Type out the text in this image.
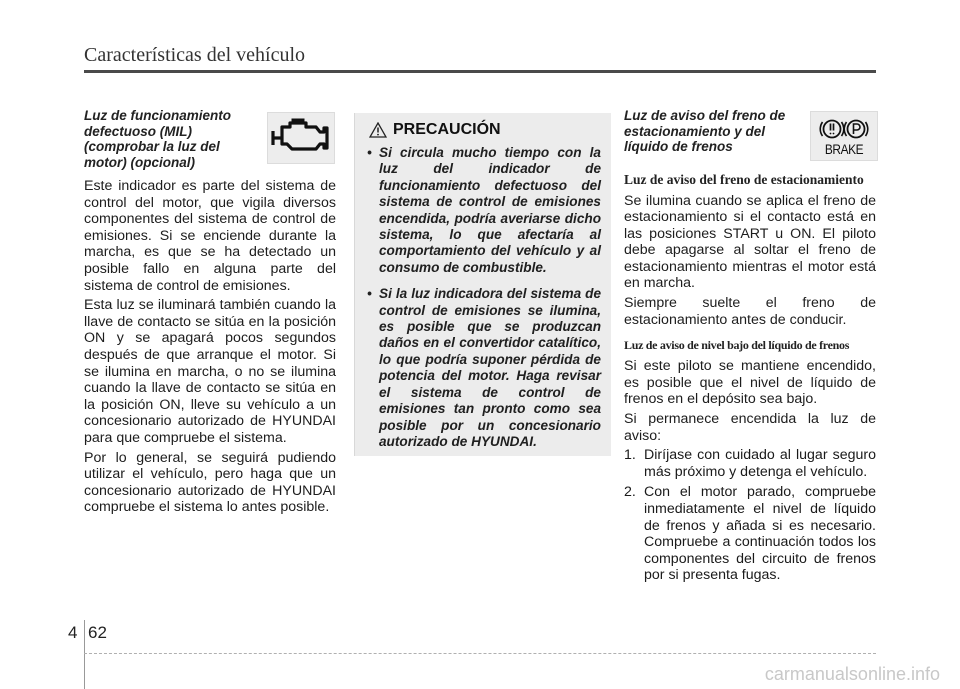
Características del vehículo
Luz de funcionamiento defectuoso (MIL) (comprobar la luz del motor) (opcional)

Este indicador es parte del sistema de control del motor, que vigila diversos componentes del sistema de control de emisiones. Si se enciende durante la marcha, es que se ha detectado un posible fallo en alguna parte del sistema de control de emisiones.

Esta luz se iluminará también cuando la llave de contacto se sitúa en la posición ON y se apagará pocos segundos después de que arranque el motor. Si se ilumina en marcha, o no se ilumina cuando la llave de contacto se sitúa en la posición ON, lleve su vehículo a un concesionario autorizado de HYUNDAI para que compruebe el sistema.

Por lo general, se seguirá pudiendo utilizar el vehículo, pero haga que un concesionario autorizado de HYUNDAI compruebe el sistema lo antes posible.

PRECAUCIÓN
• Si circula mucho tiempo con la luz del indicador de funcionamiento defectuoso del sistema de control de emisiones encendida, podría averiarse dicho sistema, lo que afectaría al comportamiento del vehículo y al consumo de combustible.
• Si la luz indicadora del sistema de control de emisiones se ilumina, es posible que se produzcan daños en el convertidor catalítico, lo que podría suponer pérdida de potencia del motor. Haga revisar el sistema de control de emisiones tan pronto como sea posible por un concesionario autorizado de HYUNDAI.
Luz de aviso del freno de estacionamiento y del líquido de frenos	BRAKE
Luz de aviso del freno de estacionamiento

Se ilumina cuando se aplica el freno de estacionamiento si el contacto está en las posiciones START u ON. El piloto debe apagarse al soltar el freno de estacionamiento mientras el motor está en marcha.

Siempre suelte el freno de estacionamiento antes de conducir.

Luz de aviso de nivel bajo del líquido de frenos

Si este piloto se mantiene encendido, es posible que el nivel de líquido de frenos en el depósito sea bajo.

Si permanece encendida la luz de aviso:

1. Diríjase con cuidado al lugar seguro más próximo y detenga el vehículo.
2. Con el motor parado, compruebe inmediatamente el nivel de líquido de frenos y añada si es necesario. Compruebe a continuación todos los componentes del circuito de frenos por si presenta fugas.
4 62
carmanualsonline.info
